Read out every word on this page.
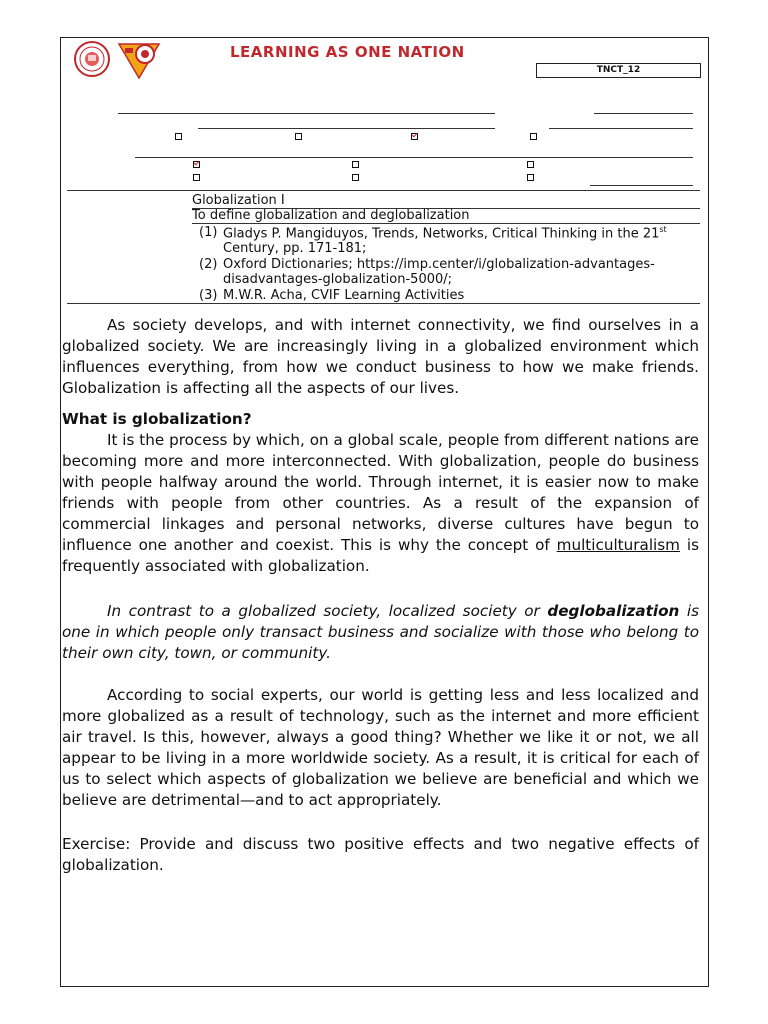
LEARNING AS ONE NATION
TNCT_12
Globalization I
To define globalization and deglobalization
(1) Gladys P. Mangiduyos, Trends, Networks, Critical Thinking in the 21st
Century, pp. 171-181;
(2) Oxford Dictionaries; https://imp.center/i/globalization-advantages-
disadvantages-globalization-5000/;
(3) M.W.R. Acha, CVIF Learning Activities
As society develops, and with internet connectivity, we find ourselves in a globalized society. We are increasingly living in a globalized environment which influences everything, from how we conduct business to how we make friends. Globalization is affecting all the aspects of our lives.
What is globalization?
It is the process by which, on a global scale, people from different nations are becoming more and more interconnected. With globalization, people do business with people halfway around the world. Through internet, it is easier now to make friends with people from other countries. As a result of the expansion of commercial linkages and personal networks, diverse cultures have begun to influence one another and coexist. This is why the concept of multiculturalism is frequently associated with globalization.
In contrast to a globalized society, localized society or deglobalization is one in which people only transact business and socialize with those who belong to their own city, town, or community.
According to social experts, our world is getting less and less localized and more globalized as a result of technology, such as the internet and more efficient air travel. Is this, however, always a good thing? Whether we like it or not, we all appear to be living in a more worldwide society. As a result, it is critical for each of us to select which aspects of globalization we believe are beneficial and which we believe are detrimental—and to act appropriately.
Exercise: Provide and discuss two positive effects and two negative effects of globalization.
